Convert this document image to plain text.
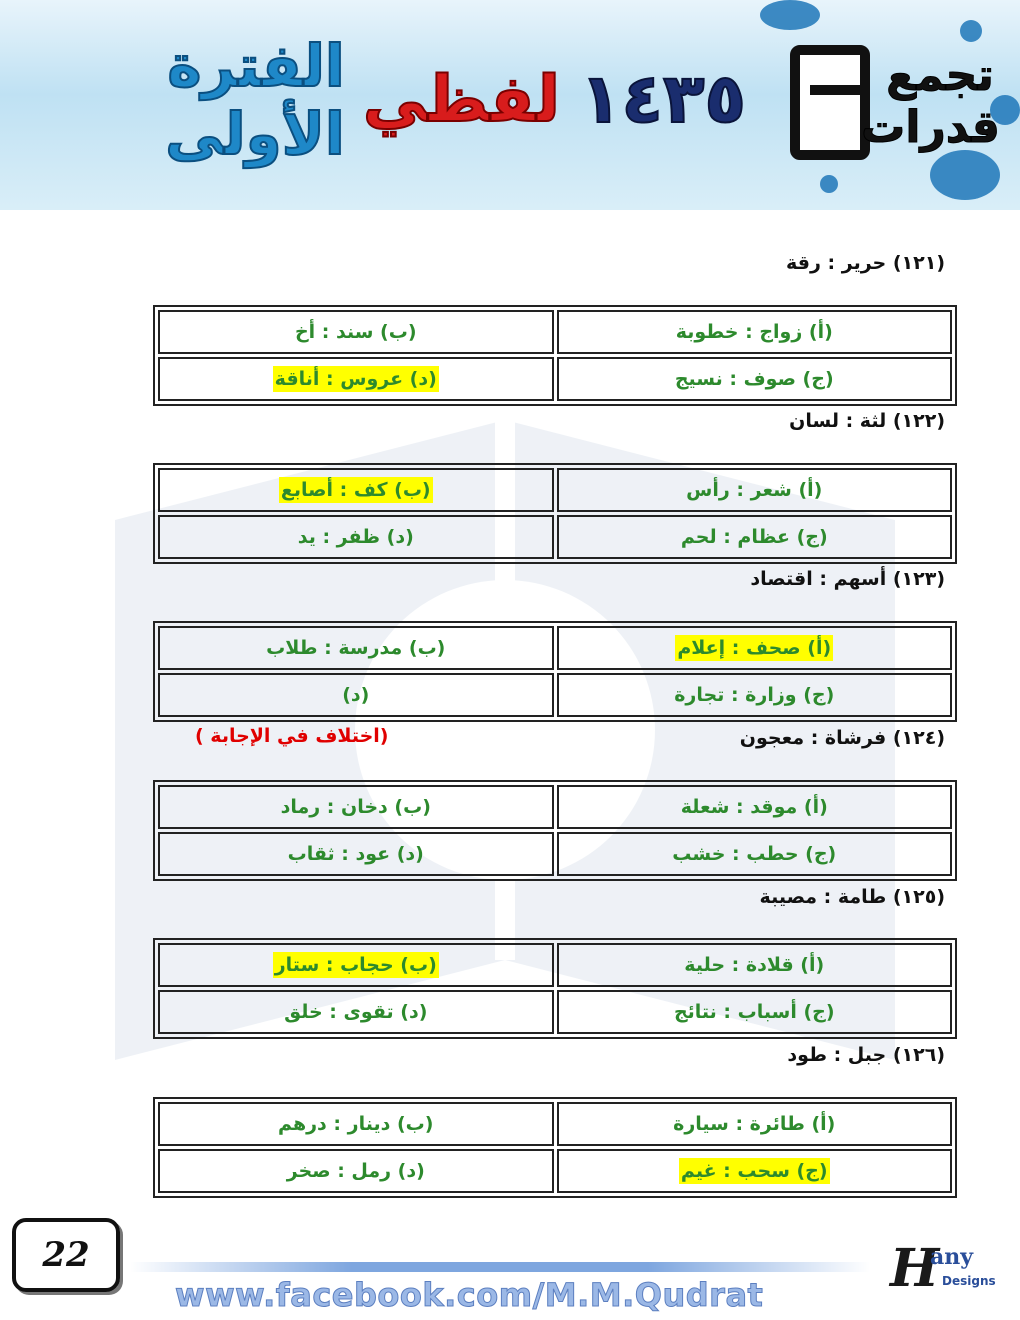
لفظي
الفترة الأولى	١٤٣٥	تجمع قدرات
(١٢١) حرير : رقة
(أ) زواج : خطوبة	(ب) سند : أخ
(ج) صوف : نسيج	(د) عروس : أناقة
(١٢٢) لثة : لسان
(أ) شعر : رأس	(ب) كف : أصابع
(ج) عظام : لحم	(د) ظفر : يد
(١٢٣) أسهم : اقتصاد
(أ) صحف : إعلام	(ب) مدرسة : طلاب
(ج) وزارة : تجارة	(د)
(١٢٤) فرشاة : معجون
(اختلاف في الإجابة )
(أ) موقد : شعلة	(ب) دخان : رماد
(ج) حطب : خشب	(د) عود : ثقاب
(١٢٥) طامة : مصيبة
(أ) قلادة : حلية	(ب) حجاب : ستار
(ج) أسباب : نتائج	(د) تقوى : خلق
(١٢٦) جبل : طود
(أ) طائرة : سيارة	(ب) دينار : درهم
(ج) سحب : غيم	(د) رمل : صخر
22
www.facebook.com/M.M.Qudrat	H
any
Designs
